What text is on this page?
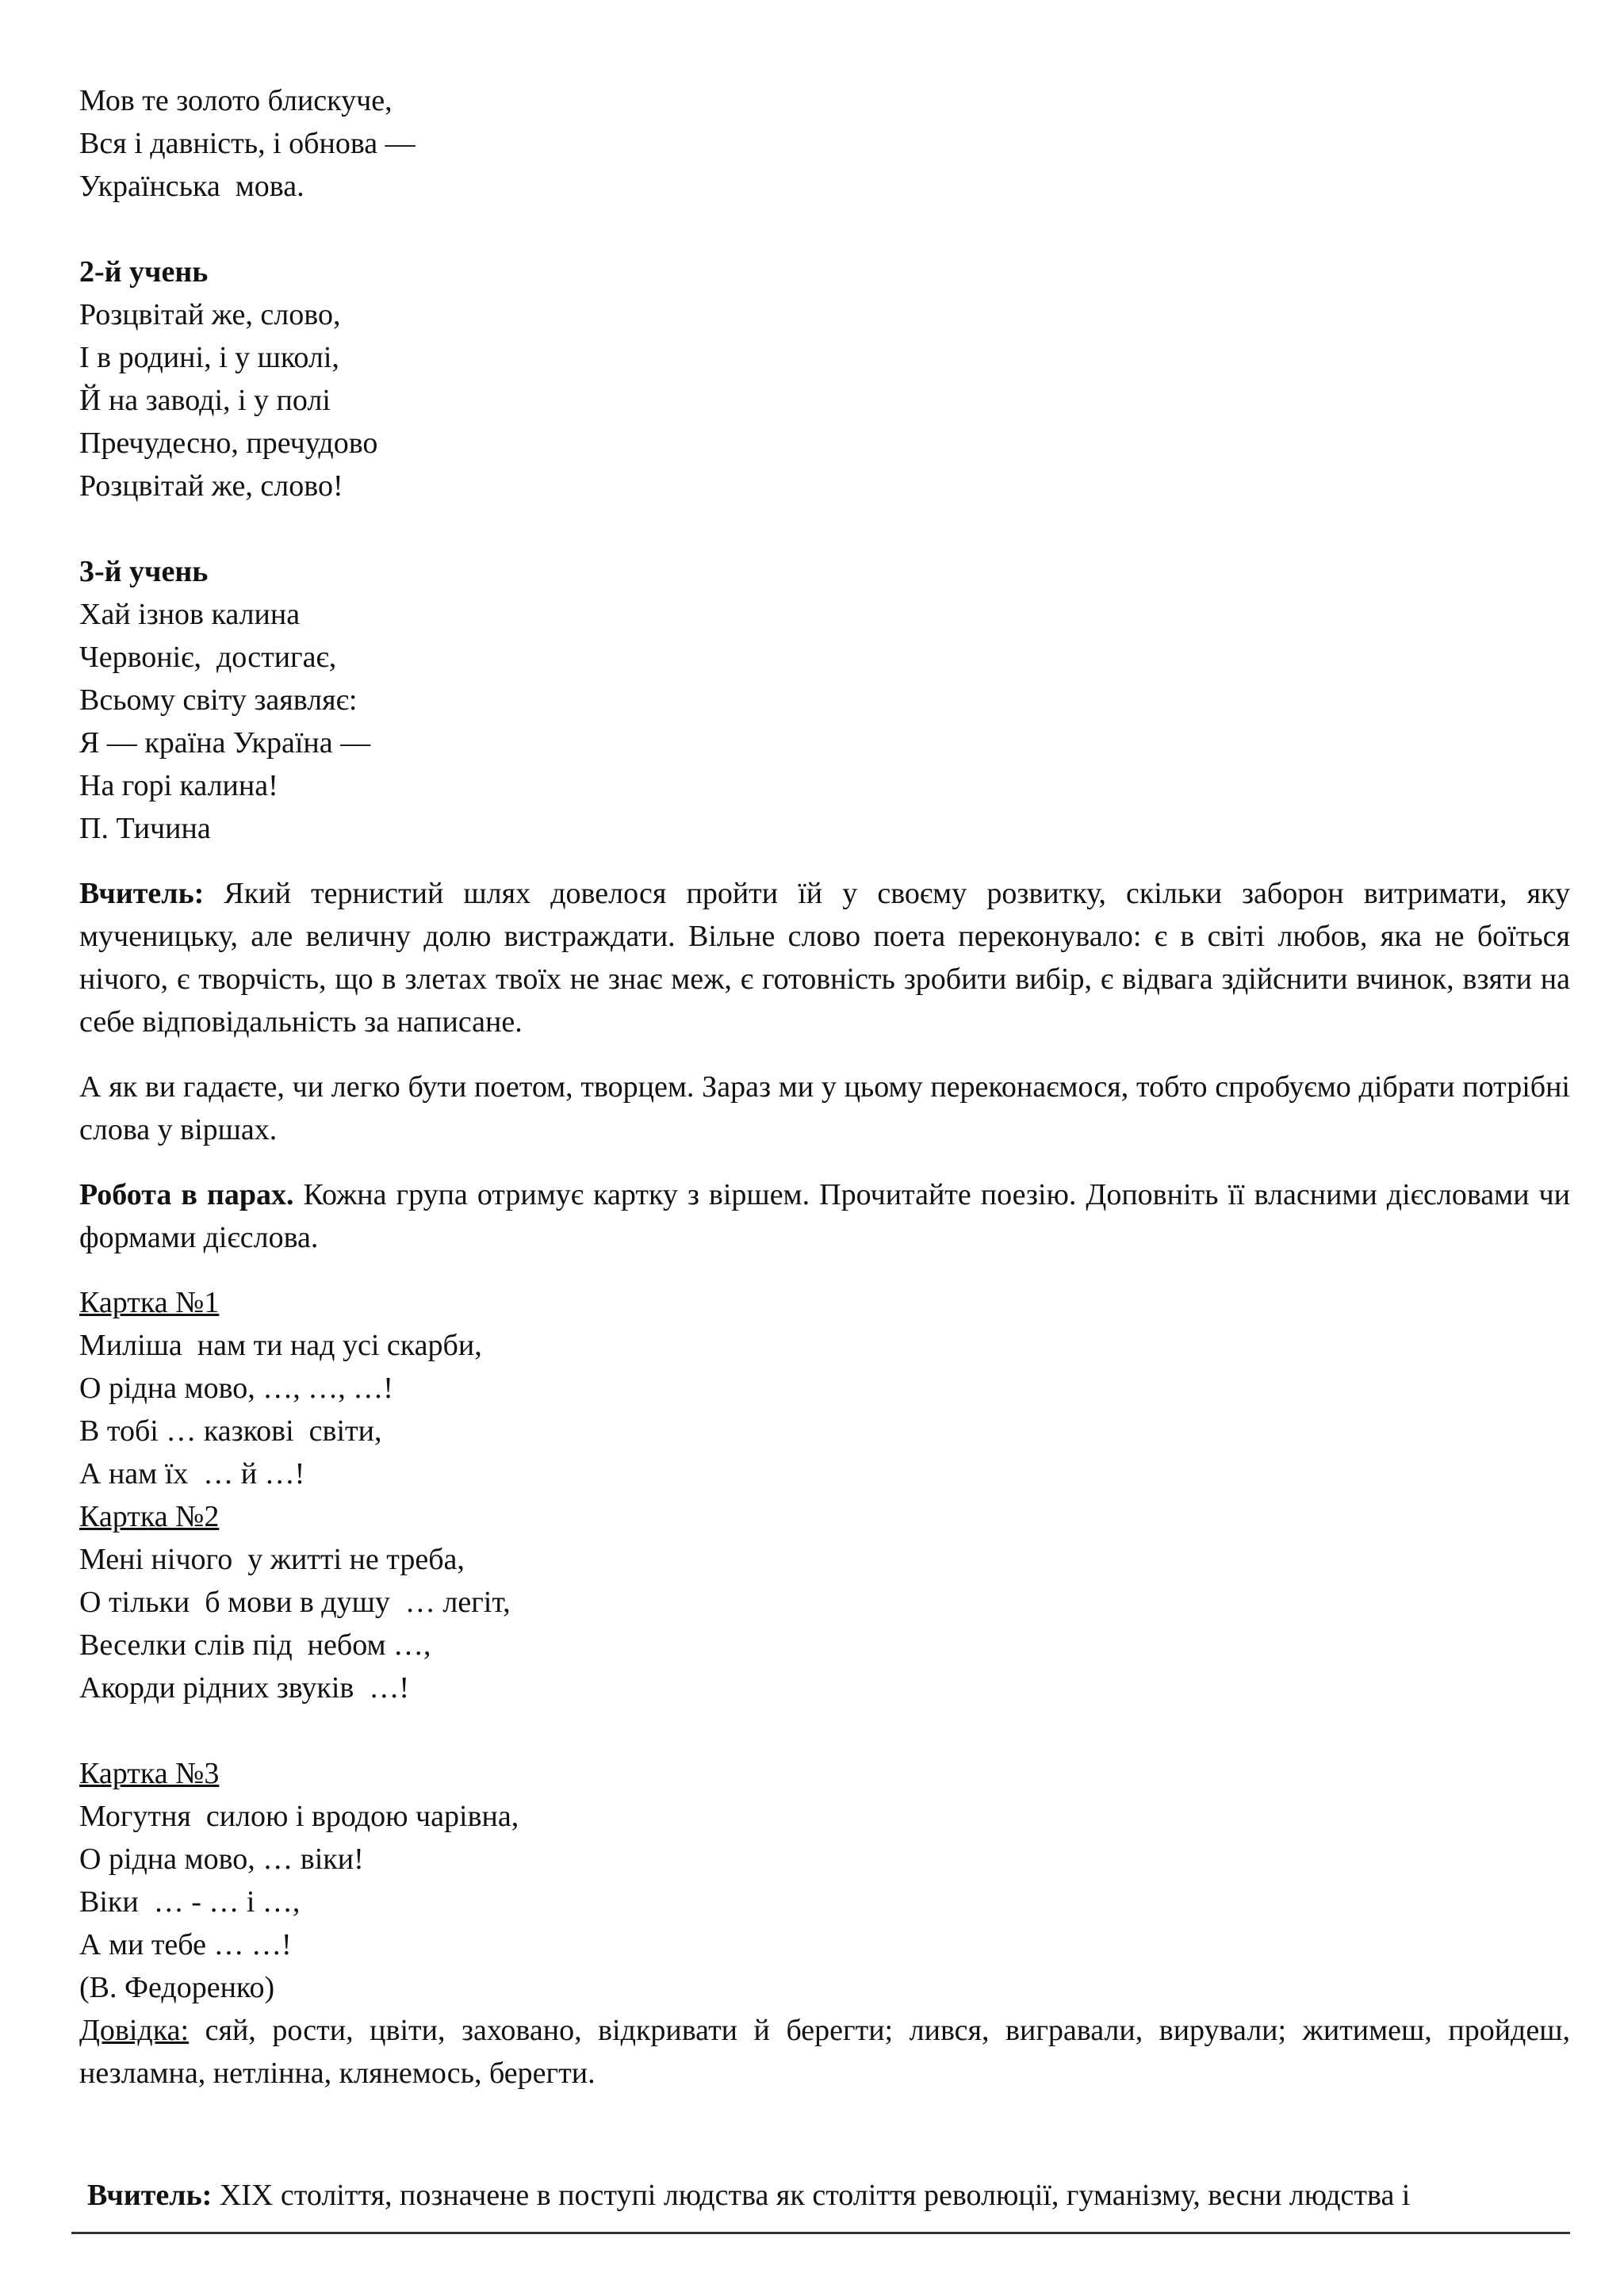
Мов те золото блискуче,
Вся і давність, і обнова —
Українська  мова.
2-й учень
Розцвітай же, слово,
І в родині, і у школі,
Й на заводі, і у полі
Пречудесно, пречудово
Розцвітай же, слово!
3-й учень
Хай ізнов калина
Червоніє,  достигає,
Всьому світу заявляє:
Я — країна Україна —
На горі калина!
П. Тичина
Вчитель: Який тернистий шлях довелося пройти їй у своєму розвитку, скільки заборон витримати, яку мученицьку, але величну долю вистраждати. Вільне слово поета переконувало: є в світі любов, яка не боїться нічого, є творчість, що в злетах твоїх не знає меж, є готовність зробити вибір, є відвага здійснити вчинок, взяти на себе відповідальність за написане.
А як ви гадаєте, чи легко бути поетом, творцем. Зараз ми у цьому переконаємося, тобто спробуємо дібрати потрібні слова у віршах.
Робота в парах. Кожна група отримує картку з віршем. Прочитайте поезію. Доповніть її власними дієсловами чи формами дієслова.
Картка №1
Миліша  нам ти над усі скарби,
О рідна мово, …, …, …!
В тобі … казкові  світи,
А нам їх  … й …!
Картка №2
Мені нічого  у житті не треба,
О тільки  б мови в душу  … легіт,
Веселки слів під  небом …,
Акорди рідних звуків  …!
Картка №3
Могутня  силою і вродою чарівна,
О рідна мово, … віки!
Віки  … - … і …,
А ми тебе … …!
(В. Федоренко)
Довідка: сяй, рости, цвіти, заховано, відкривати й берегти; лився, вигравали, вирували; житимеш, пройдеш, незламна, нетлінна, клянемось, берегти.
Вчитель: ХІХ століття, позначене в поступі людства як століття революції, гуманізму, весни людства і
